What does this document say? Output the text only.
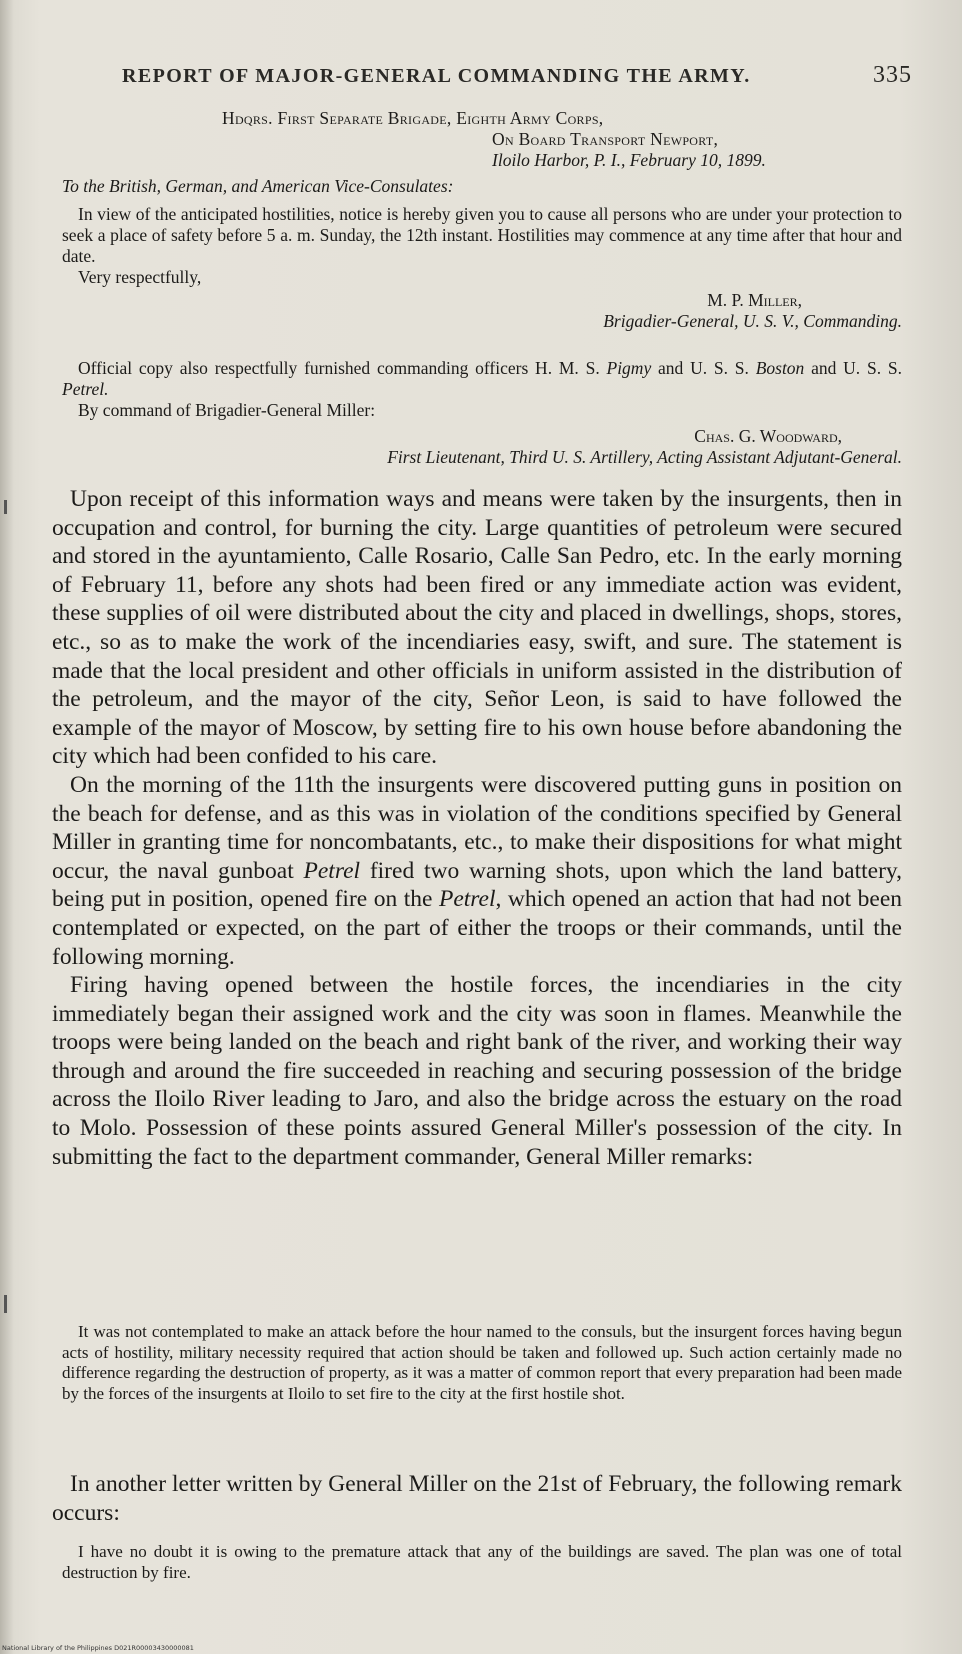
REPORT OF MAJOR-GENERAL COMMANDING THE ARMY.	335
Hdqrs. First Separate Brigade, Eighth Army Corps,
On Board Transport Newport,
Iloilo Harbor, P. I., February 10, 1899.
To the British, German, and American Vice-Consulates:

In view of the anticipated hostilities, notice is hereby given you to cause all persons who are under your protection to seek a place of safety before 5 a. m. Sunday, the 12th instant. Hostilities may commence at any time after that hour and date.

Very respectfully,
M. P. Miller,
Brigadier-General, U. S. V., Commanding.

Official copy also respectfully furnished commanding officers H. M. S. Pigmy and U. S. S. Boston and U. S. S. Petrel.

By command of Brigadier-General Miller:
Chas. G. Woodward,
First Lieutenant, Third U. S. Artillery, Acting Assistant Adjutant-General.

Upon receipt of this information ways and means were taken by the insurgents, then in occupation and control, for burning the city. Large quantities of petroleum were secured and stored in the ayuntamiento, Calle Rosario, Calle San Pedro, etc. In the early morning of February 11, before any shots had been fired or any immediate action was evident, these supplies of oil were distributed about the city and placed in dwellings, shops, stores, etc., so as to make the work of the incendiaries easy, swift, and sure. The statement is made that the local president and other officials in uniform assisted in the distribution of the petroleum, and the mayor of the city, Señor Leon, is said to have followed the example of the mayor of Moscow, by setting fire to his own house before abandoning the city which had been confided to his care.

On the morning of the 11th the insurgents were discovered putting guns in position on the beach for defense, and as this was in violation of the conditions specified by General Miller in granting time for noncombatants, etc., to make their dispositions for what might occur, the naval gunboat Petrel fired two warning shots, upon which the land battery, being put in position, opened fire on the Petrel, which opened an action that had not been contemplated or expected, on the part of either the troops or their commands, until the following morning.

Firing having opened between the hostile forces, the incendiaries in the city immediately began their assigned work and the city was soon in flames. Meanwhile the troops were being landed on the beach and right bank of the river, and working their way through and around the fire succeeded in reaching and securing possession of the bridge across the Iloilo River leading to Jaro, and also the bridge across the estuary on the road to Molo. Possession of these points assured General Miller's possession of the city. In submitting the fact to the department commander, General Miller remarks:

It was not contemplated to make an attack before the hour named to the consuls, but the insurgent forces having begun acts of hostility, military necessity required that action should be taken and followed up. Such action certainly made no difference regarding the destruction of property, as it was a matter of common report that every preparation had been made by the forces of the insurgents at Iloilo to set fire to the city at the first hostile shot.

In another letter written by General Miller on the 21st of February, the following remark occurs:

I have no doubt it is owing to the premature attack that any of the buildings are saved. The plan was one of total destruction by fire.

National Library of the Philippines D021R00003430000081
